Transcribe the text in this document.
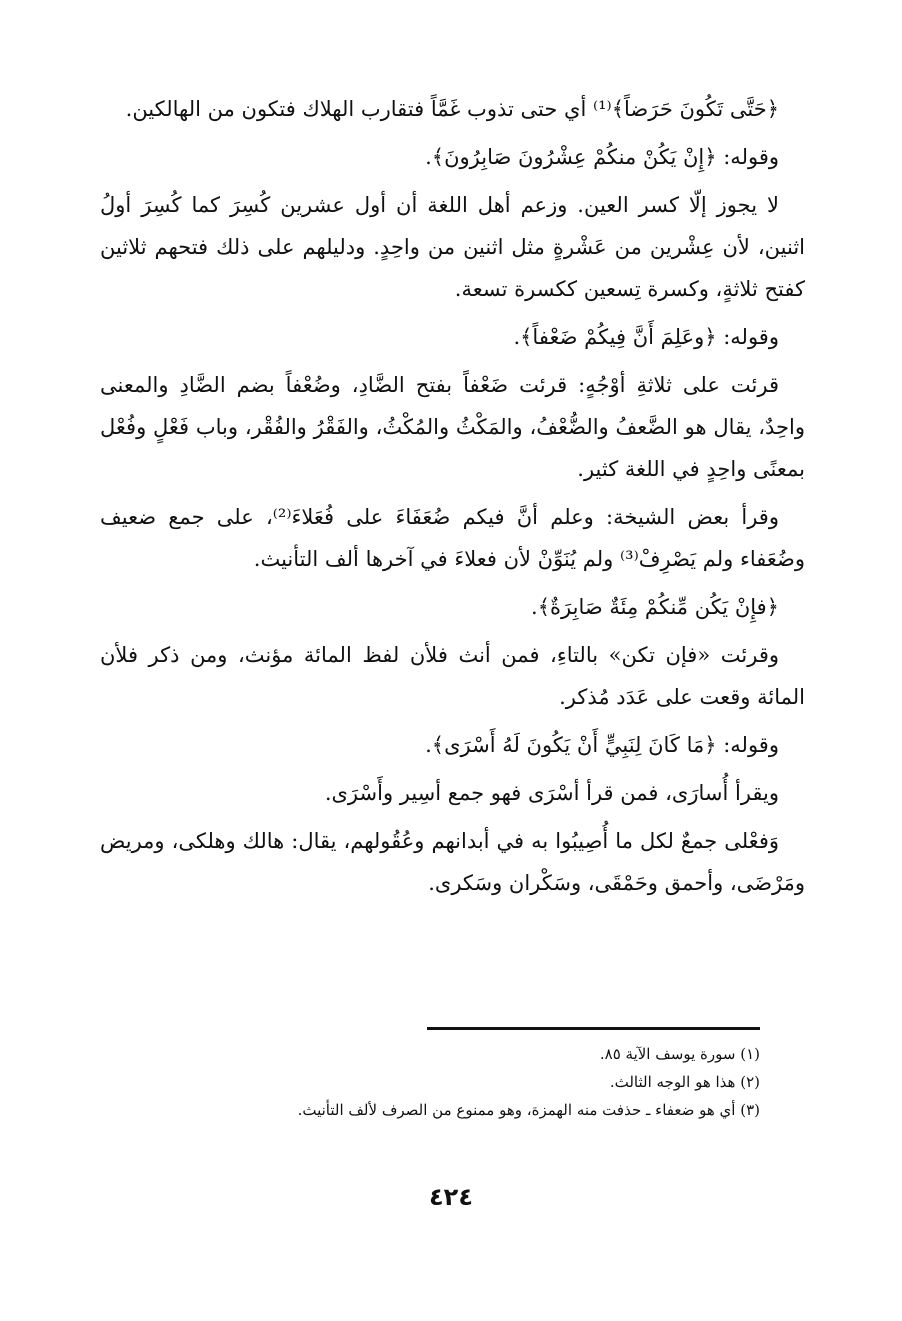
﴿حَتَّى تَكُونَ حَرَضاً﴾⁽¹⁾ أي حتى تذوب غَمَّاً فتقارب الهلاك فتكون من الهالكين.

وقوله: ﴿إِنْ يَكُنْ منكُمْ عِشْرُونَ صَابِرُونَ﴾.

لا يجوز إلّا كسر العين. وزعم أهل اللغة أن أول عشرين كُسِرَ كما كُسِرَ أولُ اثنين، لأن عِشْرين من عَشْرةٍ مثل اثنين من واحِدٍ. ودليلهم على ذلك فتحهم ثلاثين كفتح ثلاثةٍ، وكسرة تِسعين ككسرة تسعة.

وقوله: ﴿وعَلِمَ أَنَّ فِيكُمْ ضَعْفاً﴾.

قرئت على ثلاثةِ أوْجُهٍ: قرئت ضَعْفاً بفتح الضَّادِ، وضُعْفاً بضم الضَّادِ والمعنى واحِدٌ، يقال هو الضَّعفُ والضُّعْفُ، والمَكْثُ والمُكْثُ، والفَقْرُ والفُقْر، وباب فَعْلٍ وفُعْل بمعنًى واحِدٍ في اللغة كثير.

وقرأ بعض الشيخة: وعلم أنَّ فيكم ضُعَفَاءَ على فُعَلاءَ⁽²⁾، على جمع ضعيف وضُعَفاء ولم يَصْرِفْ⁽³⁾ ولم يُنَوِّنْ لأن فعلاءَ في آخرها ألف التأنيث.

﴿فإِنْ يَكُن مِّنكُمْ مِئَةٌ صَابِرَةٌ﴾.

وقرئت «فإن تكن» بالتاءِ، فمن أنث فلأن لفظ المائة مؤنث، ومن ذكر فلأن المائة وقعت على عَدَد مُذكر.

وقوله: ﴿مَا كَانَ لِنَبِيٍّ أَنْ يَكُونَ لَهُ أَسْرَى﴾.

ويقرأ أُسارَى، فمن قرأ أسْرَى فهو جمع أسِير وأَسْرَى.

وَفعْلى جمعٌ لكل ما أُصِيبُوا به في أبدانهم وعُقُولهم، يقال: هالك وهلكى، ومريض ومَرْضَى، وأحمق وحَمْقَى، وسَكْران وسَكرى.

(١) سورة يوسف الآية ٨٥.
(٢) هذا هو الوجه الثالث.
(٣) أي هو ضعفاء ـ حذفت منه الهمزة، وهو ممنوع من الصرف لألف التأنيث.
٤٢٤
